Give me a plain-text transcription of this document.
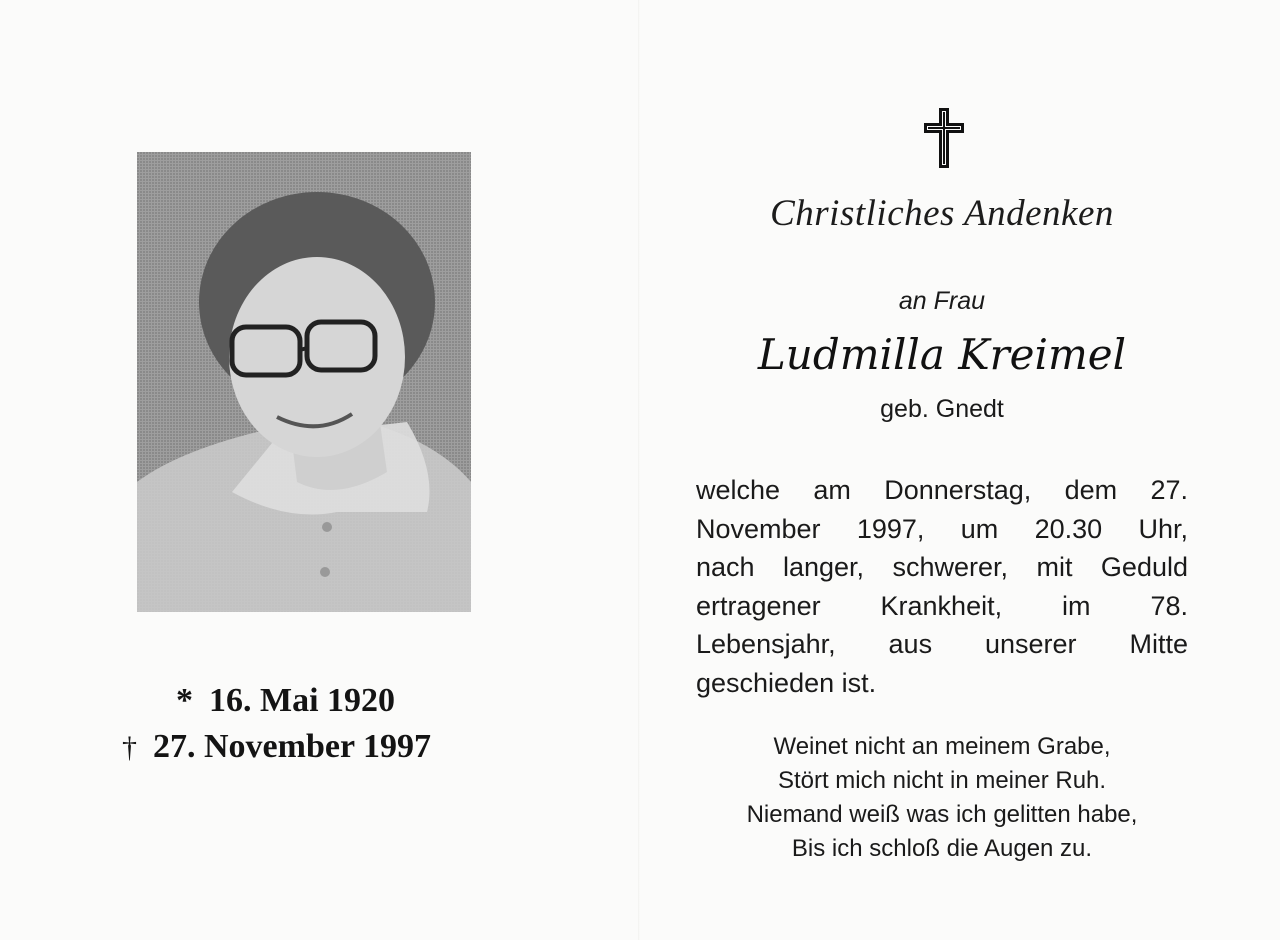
* 16. Mai 1920
† 27. November 1997
Christliches Andenken
an Frau
Ludmilla Kreimel
geb. Gnedt
welche am Donnerstag, dem 27.
November 1997, um 20.30 Uhr,
nach langer, schwerer, mit Geduld
ertragener Krankheit, im 78.
Lebensjahr, aus unserer Mitte
geschieden ist.
Weinet nicht an meinem Grabe,
Stört mich nicht in meiner Ruh.
Niemand weiß was ich gelitten habe,
Bis ich schloß die Augen zu.
